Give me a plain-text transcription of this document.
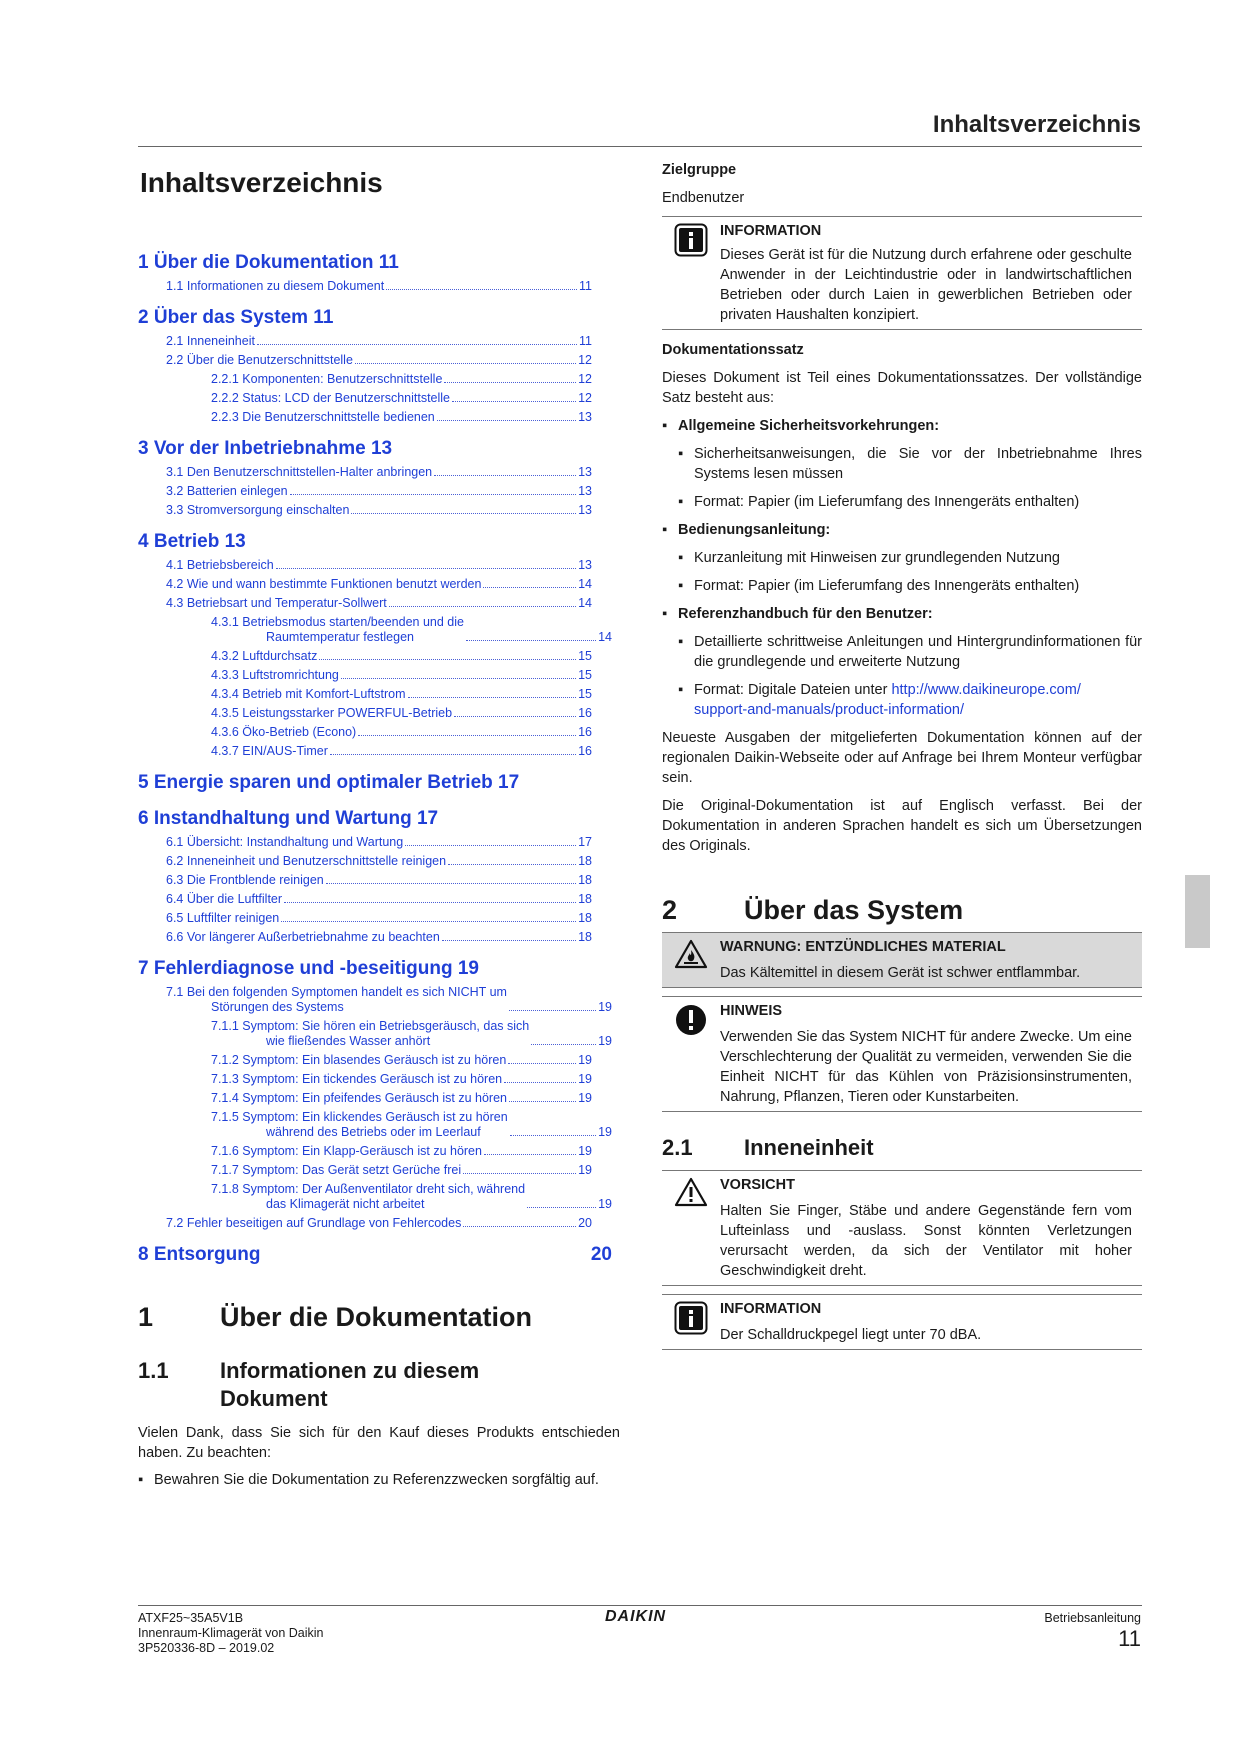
Inhaltsverzeichnis
Inhaltsverzeichnis
1 Über die Dokumentation 11
1.1 Informationen zu diesem Dokument	11
2 Über das System 11
2.1 Inneneinheit	11
2.2 Über die Benutzerschnittstelle	12
2.2.1 Komponenten: Benutzerschnittstelle	12
2.2.2 Status: LCD der Benutzerschnittstelle	12
2.2.3 Die Benutzerschnittstelle bedienen	13
3 Vor der Inbetriebnahme 13
3.1 Den Benutzerschnittstellen-Halter anbringen	13
3.2 Batterien einlegen	13
3.3 Stromversorgung einschalten	13
4 Betrieb 13
4.1 Betriebsbereich	13
4.2 Wie und wann bestimmte Funktionen benutzt werden	14
4.3 Betriebsart und Temperatur-Sollwert	14
4.3.1 Betriebsmodus starten/beenden und die
Raumtemperatur festlegen	14
4.3.2 Luftdurchsatz	15
4.3.3 Luftstromrichtung	15
4.3.4 Betrieb mit Komfort-Luftstrom	15
4.3.5 Leistungsstarker POWERFUL-Betrieb	16
4.3.6 Öko-Betrieb (Econo)	16
4.3.7 EIN/AUS-Timer	16
5 Energie sparen und optimaler Betrieb 17
6 Instandhaltung und Wartung 17
6.1 Übersicht: Instandhaltung und Wartung	17
6.2 Inneneinheit und Benutzerschnittstelle reinigen	18
6.3 Die Frontblende reinigen	18
6.4 Über die Luftfilter	18
6.5 Luftfilter reinigen	18
6.6 Vor längerer Außerbetriebnahme zu beachten	18
7 Fehlerdiagnose und -beseitigung 19
7.1 Bei den folgenden Symptomen handelt es sich NICHT um
Störungen des Systems	19
7.1.1 Symptom: Sie hören ein Betriebsgeräusch, das sich
wie fließendes Wasser anhört	19
7.1.2 Symptom: Ein blasendes Geräusch ist zu hören	19
7.1.3 Symptom: Ein tickendes Geräusch ist zu hören	19
7.1.4 Symptom: Ein pfeifendes Geräusch ist zu hören	19
7.1.5 Symptom: Ein klickendes Geräusch ist zu hören
während des Betriebs oder im Leerlauf	19
7.1.6 Symptom: Ein Klapp-Geräusch ist zu hören	19
7.1.7 Symptom: Das Gerät setzt Gerüche frei	19
7.1.8 Symptom: Der Außenventilator dreht sich, während
das Klimagerät nicht arbeitet	19
7.2 Fehler beseitigen auf Grundlage von Fehlercodes	20
8 Entsorgung	20
1	Über die Dokumentation
1.1	Informationen zu diesem
Dokument
Vielen Dank, dass Sie sich für den Kauf dieses Produkts entschieden haben. Zu beachten:
▪ Bewahren Sie die Dokumentation zu Referenzzwecken sorgfältig auf.
Zielgruppe
Endbenutzer
INFORMATION
Dieses Gerät ist für die Nutzung durch erfahrene oder geschulte Anwender in der Leichtindustrie oder in landwirtschaftlichen Betrieben oder durch Laien in gewerblichen Betrieben oder privaten Haushalten konzipiert.
Dokumentationssatz
Dieses Dokument ist Teil eines Dokumentationssatzes. Der vollständige Satz besteht aus:
▪ Allgemeine Sicherheitsvorkehrungen:
▪ Sicherheitsanweisungen, die Sie vor der Inbetriebnahme Ihres Systems lesen müssen
▪ Format: Papier (im Lieferumfang des Innengeräts enthalten)
▪ Bedienungsanleitung:
▪ Kurzanleitung mit Hinweisen zur grundlegenden Nutzung
▪ Format: Papier (im Lieferumfang des Innengeräts enthalten)
▪ Referenzhandbuch für den Benutzer:
▪ Detaillierte schrittweise Anleitungen und Hintergrundinformationen für die grundlegende und erweiterte Nutzung
▪ Format: Digitale Dateien unter http://www.daikineurope.com/
support-and-manuals/product-information/
Neueste Ausgaben der mitgelieferten Dokumentation können auf der regionalen Daikin-Webseite oder auf Anfrage bei Ihrem Monteur verfügbar sein.
Die Original-Dokumentation ist auf Englisch verfasst. Bei der Dokumentation in anderen Sprachen handelt es sich um Übersetzungen des Originals.
2	Über das System
WARNUNG: ENTZÜNDLICHES MATERIAL
Das Kältemittel in diesem Gerät ist schwer entflammbar.
HINWEIS
Verwenden Sie das System NICHT für andere Zwecke. Um eine Verschlechterung der Qualität zu vermeiden, verwenden Sie die Einheit NICHT für das Kühlen von Präzisionsinstrumenten, Nahrung, Pflanzen, Tieren oder Kunstarbeiten.
2.1	Inneneinheit
VORSICHT
Halten Sie Finger, Stäbe und andere Gegenstände fern vom Lufteinlass und -auslass. Sonst könnten Verletzungen verursacht werden, da sich der Ventilator mit hoher Geschwindigkeit dreht.
INFORMATION
Der Schalldruckpegel liegt unter 70 dBA.
ATXF25~35A5V1B
Innenraum-Klimagerät von Daikin
3P520336-8D – 2019.02
DAIKIN	Betriebsanleitung
11
